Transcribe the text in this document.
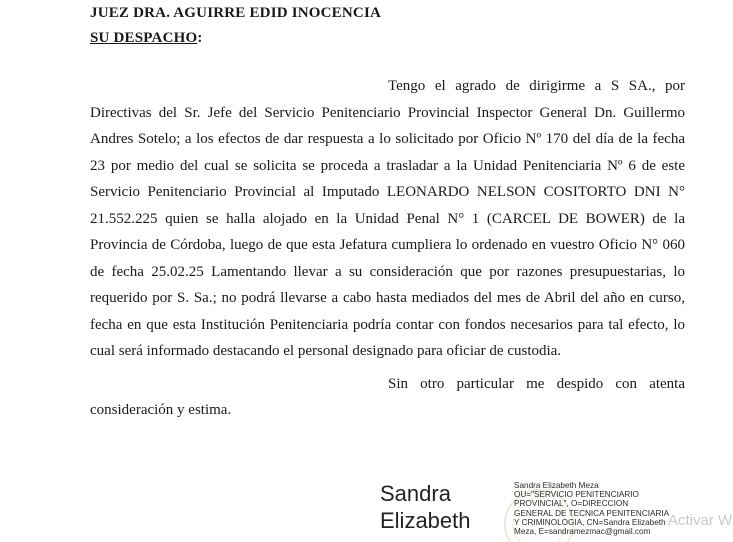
JUEZ DRA. AGUIRRE EDID INOCENCIA
SU DESPACHO:

Tengo el agrado de dirigirme a S SA., por Directivas del Sr. Jefe del Servicio Penitenciario Provincial Inspector General Dn. Guillermo Andres Sotelo; a los efectos de dar respuesta a lo solicitado por Oficio Nº 170 del día de la fecha 23 por medio del cual se solicita se proceda a trasladar a la Unidad Penitenciaria Nº 6 de este Servicio Penitenciario Provincial al Imputado LEONARDO NELSON COSITORTO DNI N° 21.552.225 quien se halla alojado en la Unidad Penal N° 1 (CARCEL DE BOWER) de la Provincia de Córdoba, luego de que esta Jefatura cumpliera lo ordenado en vuestro Oficio N° 060 de fecha 25.02.25 Lamentando llevar a su consideración que por razones presupuestarias, lo requerido por S. Sa.; no podrá llevarse a cabo hasta mediados del mes de Abril del año en curso, fecha en que esta Institución Penitenciaria podría contar con fondos necesarios para tal efecto, lo cual será informado destacando el personal designado para oficiar de custodia.

Sin otro particular me despido con atenta consideración y estima.

Sandra
Elizabeth
Sandra Elizabeth Meza
OU="SERVICIO PENITENCIARIO
PROVINCIAL", O=DIRECCION
GENERAL DE TECNICA PENITENCIARIA
Y CRIMINOLOGIA, CN=Sandra Elizabeth
Meza, E=sandramezmac@gmail.com
Activar W
